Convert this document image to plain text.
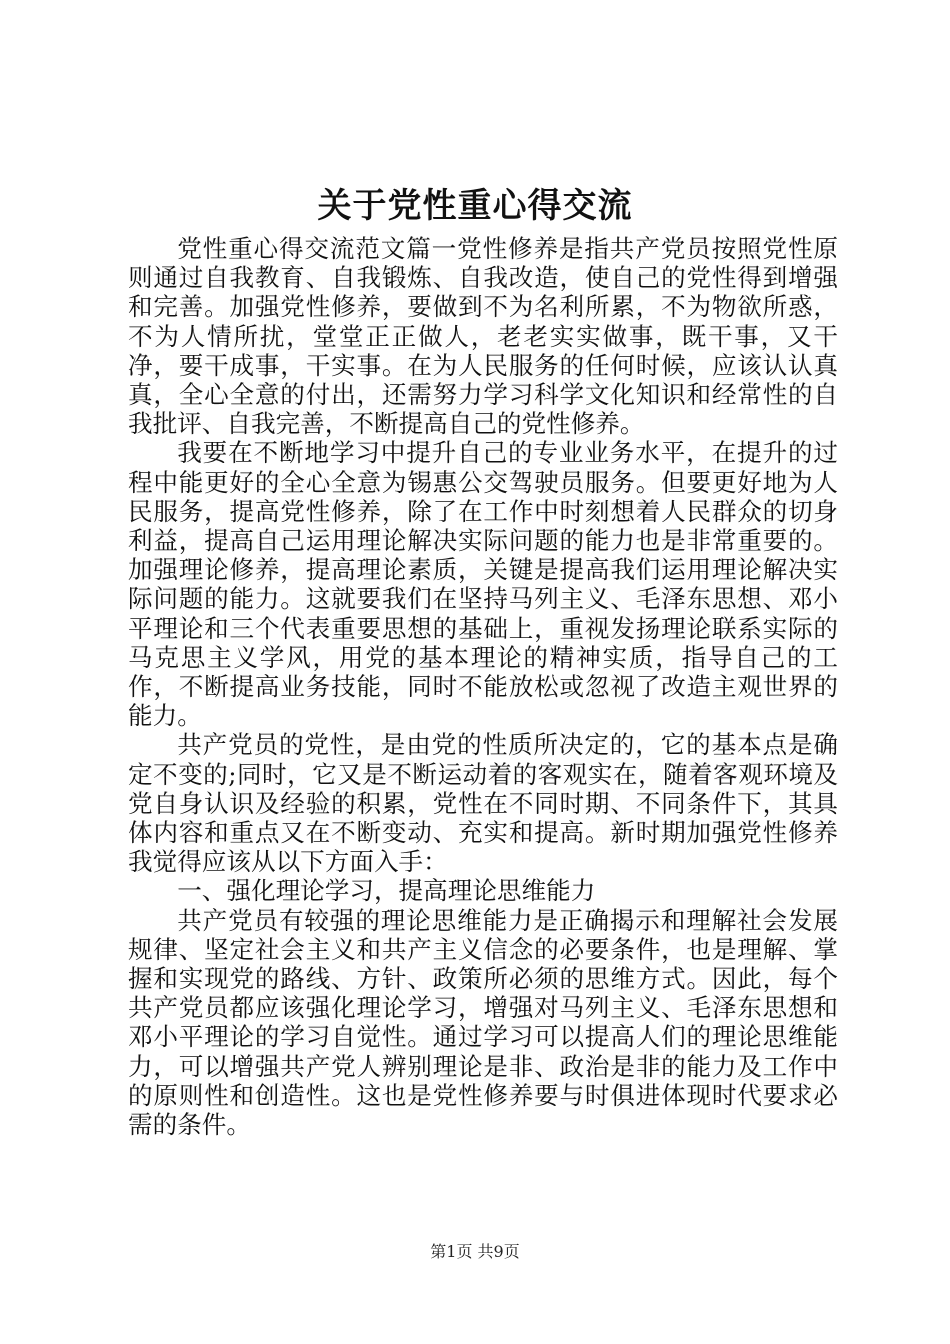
关于党性重心得交流

党性重心得交流范文篇一党性修养是指共产党员按照党性原则通过自我教育、自我锻炼、自我改造，使自己的党性得到增强和完善。加强党性修养，要做到不为名利所累，不为物欲所惑，不为人情所扰，堂堂正正做人，老老实实做事，既干事，又干净，要干成事，干实事。在为人民服务的任何时候，应该认认真真，全心全意的付出，还需努力学习科学文化知识和经常性的自我批评、自我完善，不断提高自己的党性修养。

我要在不断地学习中提升自己的专业业务水平，在提升的过程中能更好的全心全意为锡惠公交驾驶员服务。但要更好地为人民服务，提高党性修养，除了在工作中时刻想着人民群众的切身利益，提高自己运用理论解决实际问题的能力也是非常重要的。加强理论修养，提高理论素质，关键是提高我们运用理论解决实际问题的能力。这就要我们在坚持马列主义、毛泽东思想、邓小平理论和三个代表重要思想的基础上，重视发扬理论联系实际的马克思主义学风，用党的基本理论的精神实质，指导自己的工作，不断提高业务技能，同时不能放松或忽视了改造主观世界的能力。

共产党员的党性，是由党的性质所决定的，它的基本点是确定不变的;同时，它又是不断运动着的客观实在，随着客观环境及党自身认识及经验的积累，党性在不同时期、不同条件下，其具体内容和重点又在不断变动、充实和提高。新时期加强党性修养我觉得应该从以下方面入手：

一、强化理论学习，提高理论思维能力

共产党员有较强的理论思维能力是正确揭示和理解社会发展规律、坚定社会主义和共产主义信念的必要条件，也是理解、掌握和实现党的路线、方针、政策所必须的思维方式。因此，每个共产党员都应该强化理论学习，增强对马列主义、毛泽东思想和邓小平理论的学习自觉性。通过学习可以提高人们的理论思维能力，可以增强共产党人辨别理论是非、政治是非的能力及工作中的原则性和创造性。这也是党性修养要与时俱进体现时代要求必需的条件。

第1页 共9页
